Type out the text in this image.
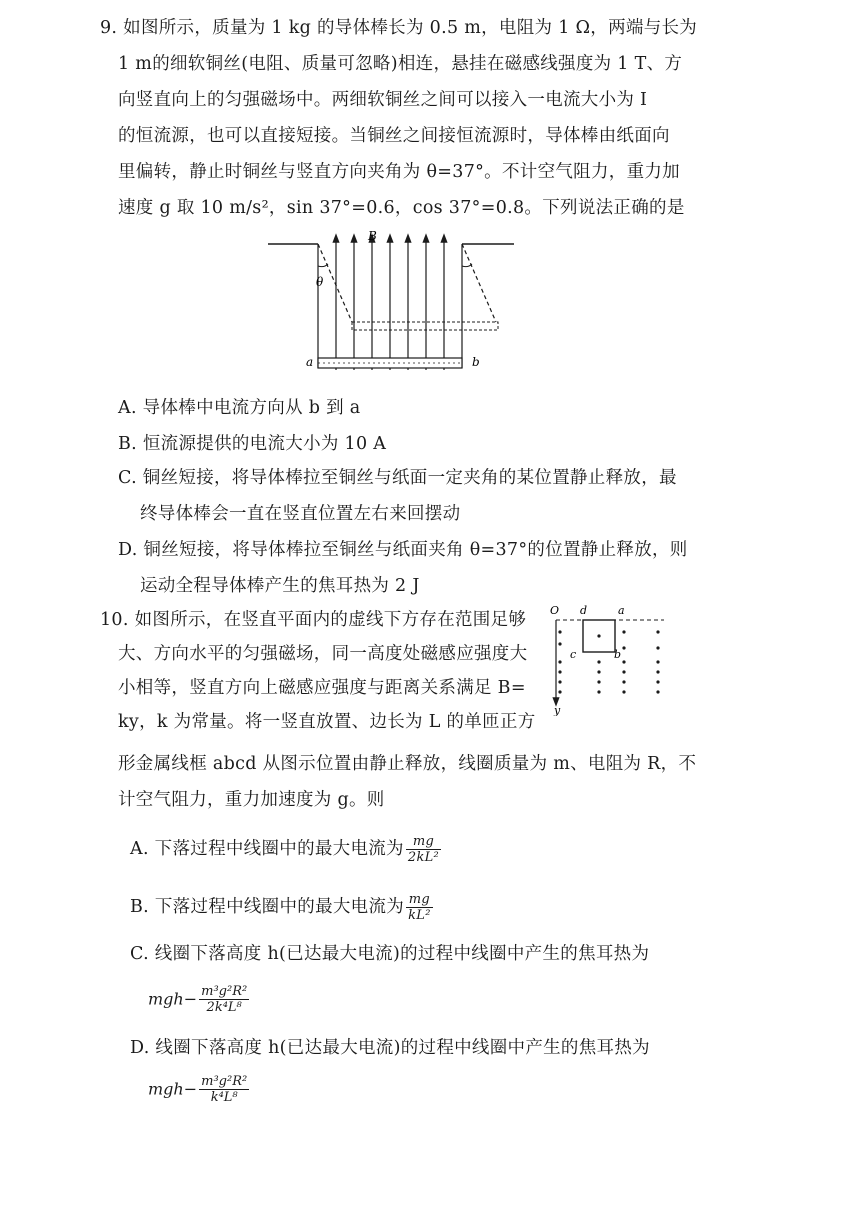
9. 如图所示，质量为 1 kg 的导体棒长为 0.5 m，电阻为 1 Ω，两端与长为
1 m的细软铜丝(电阻、质量可忽略)相连，悬挂在磁感线强度为 1 T、方
向竖直向上的匀强磁场中。两细软铜丝之间可以接入一电流大小为 I
的恒流源，也可以直接短接。当铜丝之间接恒流源时，导体棒由纸面向
里偏转，静止时铜丝与竖直方向夹角为 θ=37°。不计空气阻力，重力加
速度 g 取 10 m/s²，sin 37°=0.6，cos 37°=0.8。下列说法正确的是
θ
B
a	b
A. 导体棒中电流方向从 b 到 a
B. 恒流源提供的电流大小为 10 A
C. 铜丝短接，将导体棒拉至铜丝与纸面一定夹角的某位置静止释放，最
终导体棒会一直在竖直位置左右来回摆动
D. 铜丝短接，将导体棒拉至铜丝与纸面夹角 θ=37°的位置静止释放，则
运动全程导体棒产生的焦耳热为 2 J
10. 如图所示，在竖直平面内的虚线下方存在范围足够
大、方向水平的匀强磁场，同一高度处磁感应强度大
小相等，竖直方向上磁感应强度与距离关系满足 B=
ky，k 为常量。将一竖直放置、边长为 L 的单匝正方
形金属线框 abcd 从图示位置由静止释放，线圈质量为 m、电阻为 R，不
计空气阻力，重力加速度为 g。则
O d	a
c	b
y
A. 下落过程中线圈中的最大电流为 $\frac{mg}{\text{2kL²}}$
B. 下落过程中线圈中的最大电流为 $\frac{mg}{\text{kL²}}$
C. 线圈下落高度 h(已达最大电流)的过程中线圈中产生的焦耳热为
$mgh- \frac{\text{m³g²R²}}{\text{2k⁴L⁸}}$
D. 线圈下落高度 h(已达最大电流)的过程中线圈中产生的焦耳热为
$mgh- \frac{\text{m³g²R²}}{\text{k⁴L⁸}}$
